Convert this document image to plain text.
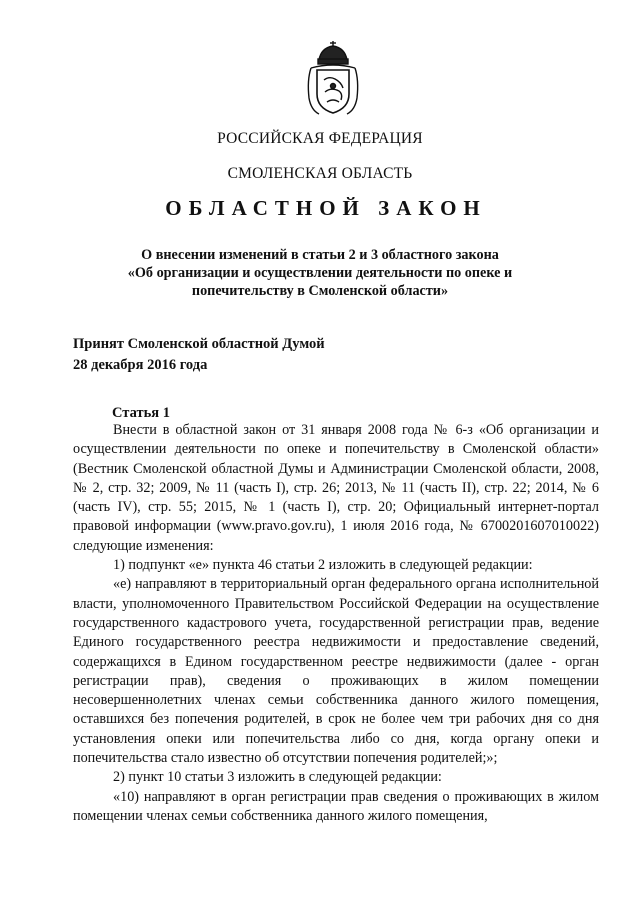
РОССИЙСКАЯ ФЕДЕРАЦИЯ
СМОЛЕНСКАЯ ОБЛАСТЬ
ОБЛАСТНОЙ ЗАКОН
О внесении изменений в статьи 2 и 3 областного закона
«Об организации и осуществлении деятельности по опеке и
попечительству в Смоленской области»
Принят Смоленской областной Думой
28 декабря 2016 года
Статья 1

Внести в областной закон от 31 января 2008 года № 6-з «Об организации и осуществлении деятельности по опеке и попечительству в Смоленской области» (Вестник Смоленской областной Думы и Администрации Смоленской области, 2008, № 2, стр. 32; 2009, № 11 (часть I), стр. 26; 2013, № 11 (часть II), стр. 22; 2014, № 6 (часть IV), стр. 55; 2015, № 1 (часть I), стр. 20; Официальный интернет-портал правовой информации (www.pravo.gov.ru), 1 июля 2016 года, № 6700201607010022) следующие изменения:

1) подпункт «е» пункта 46 статьи 2 изложить в следующей редакции:

«е) направляют в территориальный орган федерального органа исполнительной власти, уполномоченного Правительством Российской Федерации на осуществление государственного кадастрового учета, государственной регистрации прав, ведение Единого государственного реестра недвижимости и предоставление сведений, содержащихся в Едином государственном реестре недвижимости (далее - орган регистрации прав), сведения о проживающих в жилом помещении несовершеннолетних членах семьи собственника данного жилого помещения, оставшихся без попечения родителей, в срок не более чем три рабочих дня со дня установления опеки или попечительства либо со дня, когда органу опеки и попечительства стало известно об отсутствии попечения родителей;»;

2) пункт 10 статьи 3 изложить в следующей редакции:

«10) направляют в орган регистрации прав сведения о проживающих в жилом помещении членах семьи собственника данного жилого помещения,
